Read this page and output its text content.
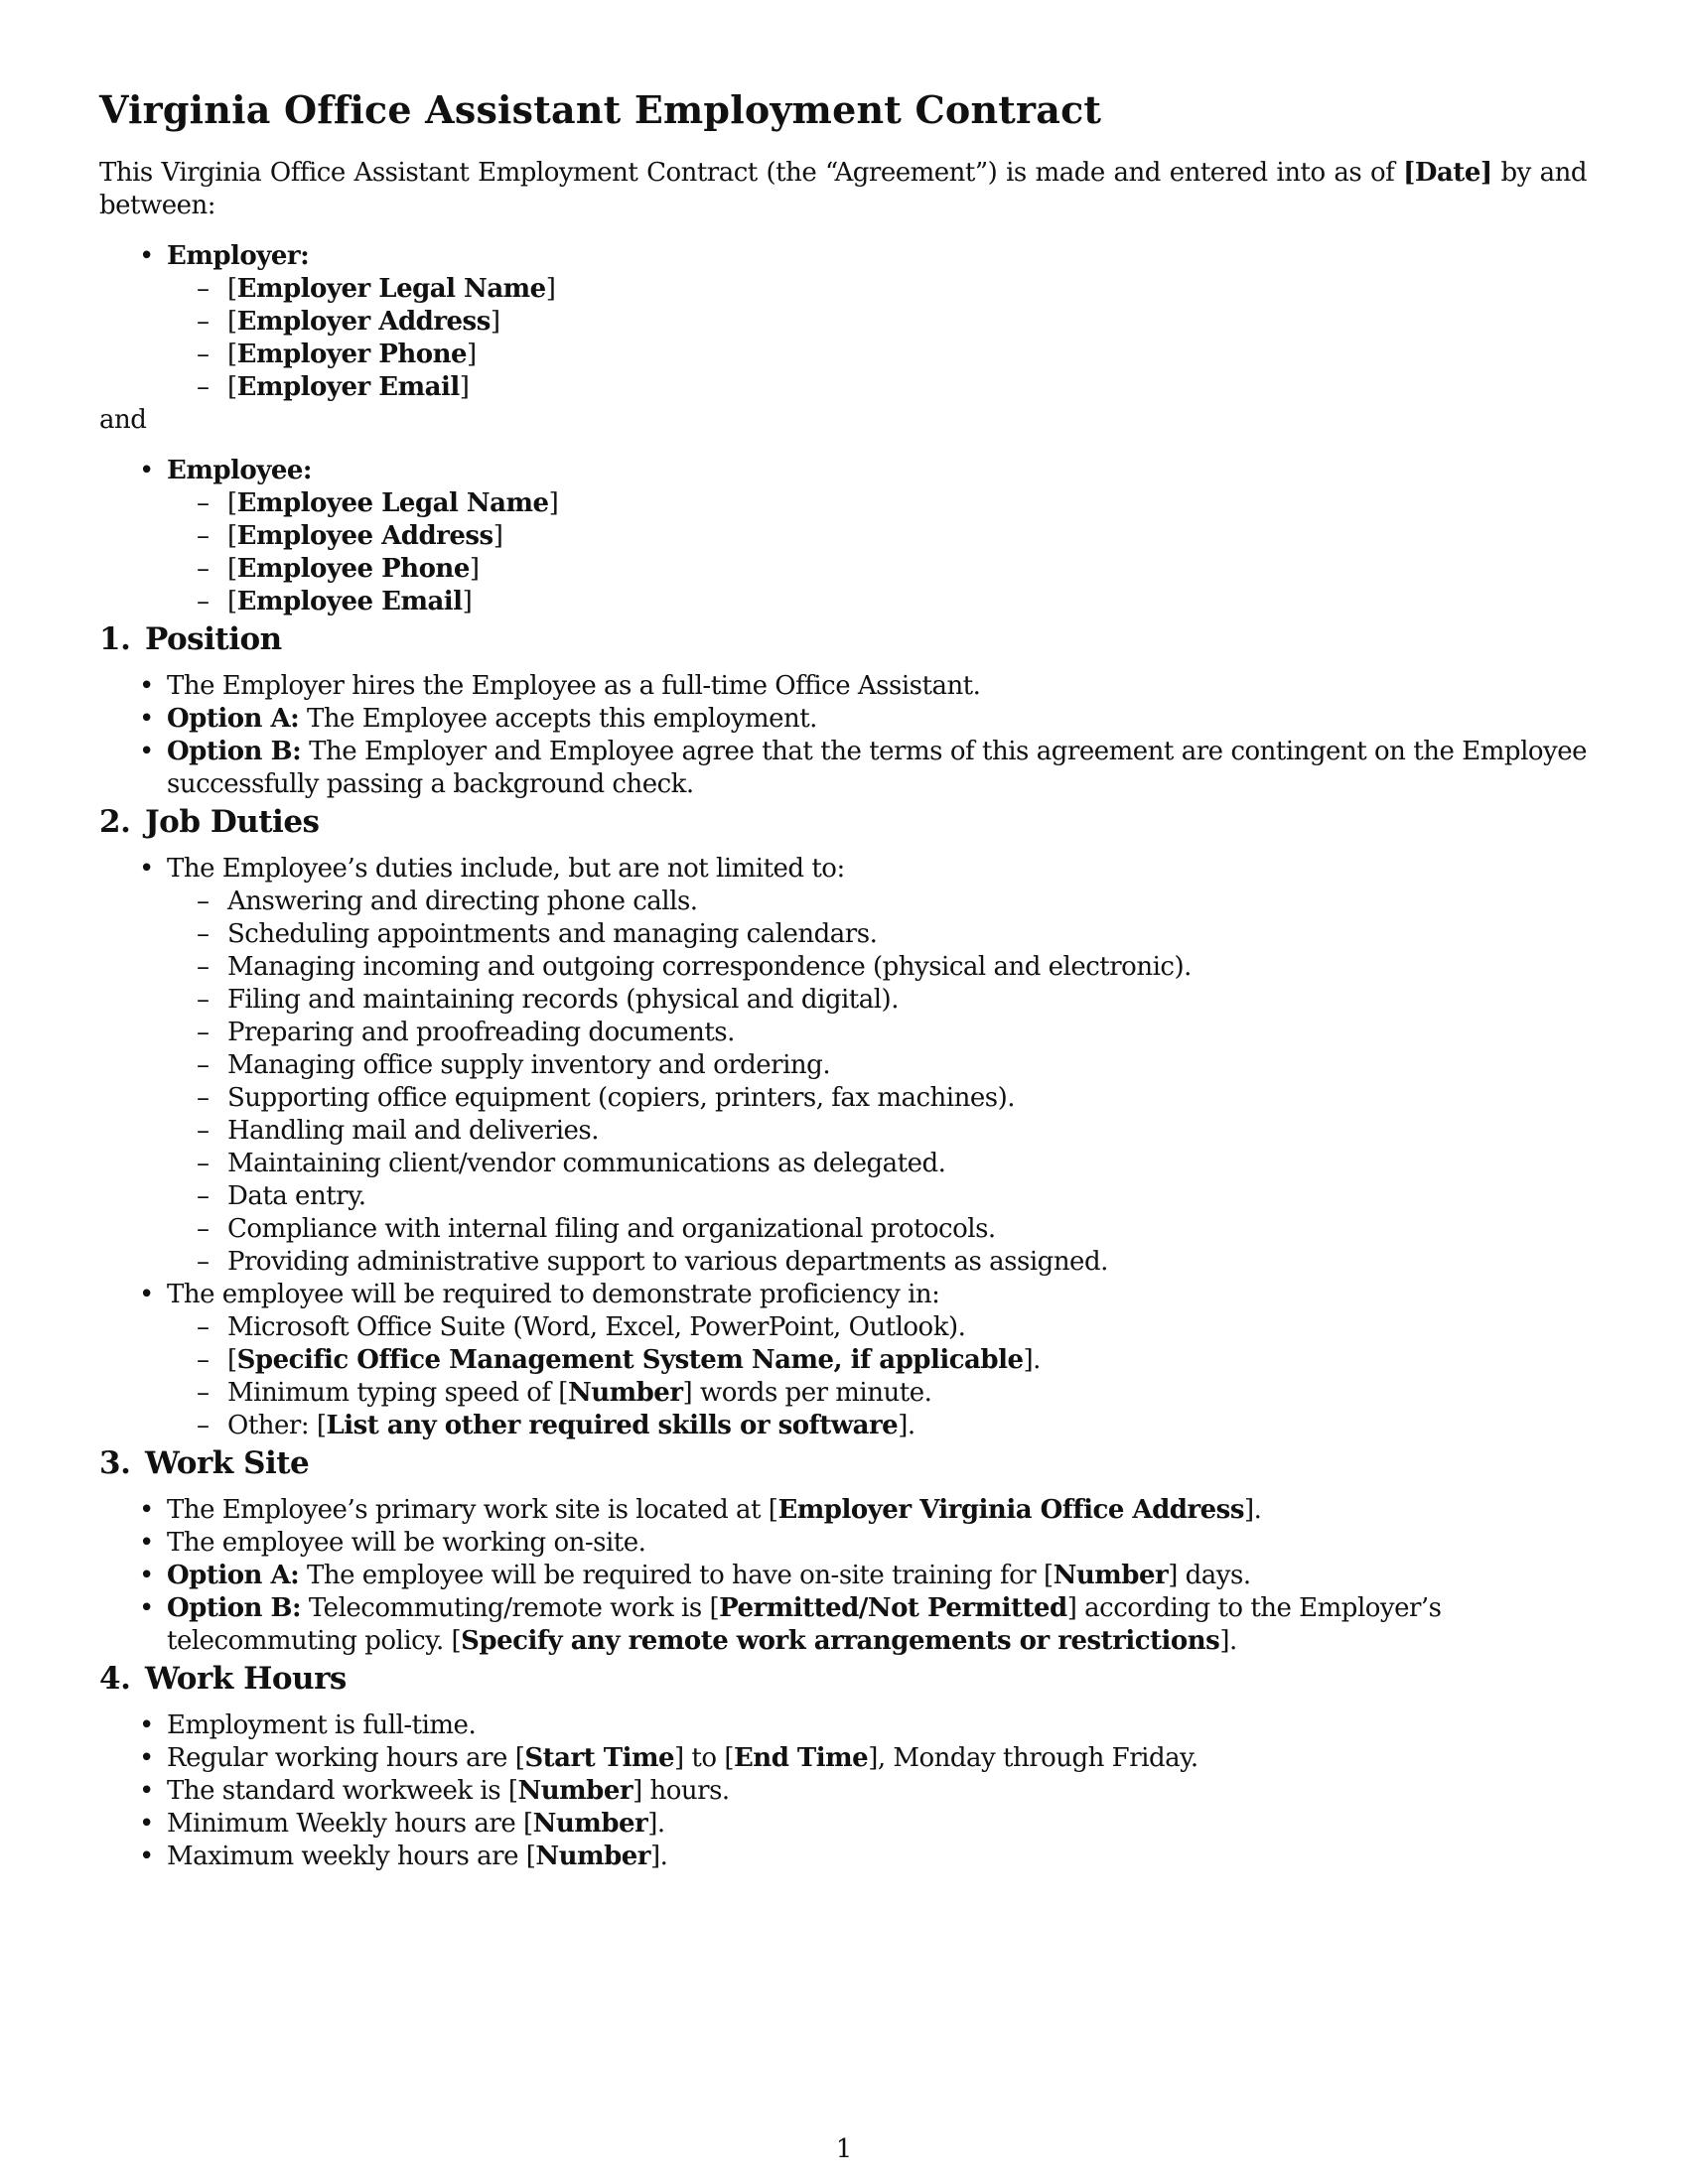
Virginia Office Assistant Employment Contract

This Virginia Office Assistant Employment Contract (the “Agreement”) is made and entered into as of [Date] by and between:

• Employer:
– [Employer Legal Name]
– [Employer Address]
– [Employer Phone]
– [Employer Email]

and

• Employee:
– [Employee Legal Name]
– [Employee Address]
– [Employee Phone]
– [Employee Email]
1. Position
• The Employer hires the Employee as a full-time Office Assistant.
• Option A: The Employee accepts this employment.
• Option B: The Employer and Employee agree that the terms of this agreement are contingent on the Employee successfully passing a background check.
2. Job Duties
• The Employee’s duties include, but are not limited to:
– Answering and directing phone calls.
– Scheduling appointments and managing calendars.
– Managing incoming and outgoing correspondence (physical and electronic).
– Filing and maintaining records (physical and digital).
– Preparing and proofreading documents.
– Managing office supply inventory and ordering.
– Supporting office equipment (copiers, printers, fax machines).
– Handling mail and deliveries.
– Maintaining client/vendor communications as delegated.
– Data entry.
– Compliance with internal filing and organizational protocols.
– Providing administrative support to various departments as assigned.
• The employee will be required to demonstrate proficiency in:
– Microsoft Office Suite (Word, Excel, PowerPoint, Outlook).
– [Specific Office Management System Name, if applicable].
– Minimum typing speed of [Number] words per minute.
– Other: [List any other required skills or software].
3. Work Site
• The Employee’s primary work site is located at [Employer Virginia Office Address].
• The employee will be working on-site.
• Option A: The employee will be required to have on-site training for [Number] days.
• Option B: Telecommuting/remote work is [Permitted/Not Permitted] according to the Employer’s telecommuting policy. [Specify any remote work arrangements or restrictions].
4. Work Hours
• Employment is full-time.
• Regular working hours are [Start Time] to [End Time], Monday through Friday.
• The standard workweek is [Number] hours.
• Minimum Weekly hours are [Number].
• Maximum weekly hours are [Number].
1
